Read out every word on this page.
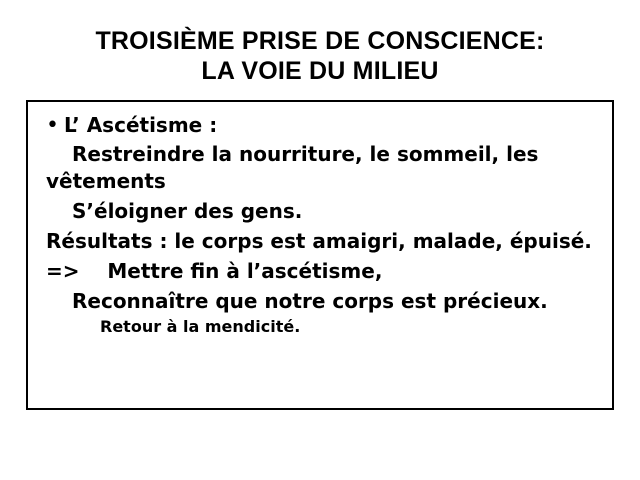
TROISIÈME PRISE DE CONSCIENCE:
LA VOIE DU MILIEU
• L’ Ascétisme :
Restreindre la nourriture, le sommeil, les
vêtements
S’éloigner des gens.
Résultats : le corps est amaigri, malade, épuisé.
=>    Mettre fin à l’ascétisme,
Reconnaître que notre corps est précieux.
Retour à la mendicité.
